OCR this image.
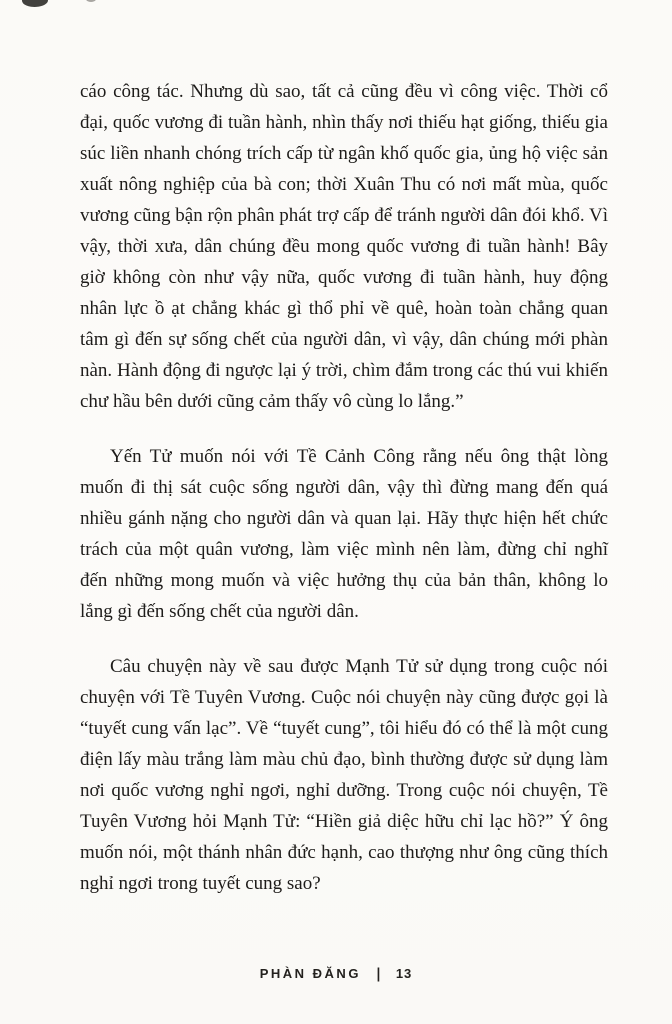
cáo công tác. Nhưng dù sao, tất cả cũng đều vì công việc. Thời cổ đại, quốc vương đi tuần hành, nhìn thấy nơi thiếu hạt giống, thiếu gia súc liền nhanh chóng trích cấp từ ngân khố quốc gia, ủng hộ việc sản xuất nông nghiệp của bà con; thời Xuân Thu có nơi mất mùa, quốc vương cũng bận rộn phân phát trợ cấp để tránh người dân đói khổ. Vì vậy, thời xưa, dân chúng đều mong quốc vương đi tuần hành! Bây giờ không còn như vậy nữa, quốc vương đi tuần hành, huy động nhân lực ồ ạt chẳng khác gì thổ phỉ về quê, hoàn toàn chẳng quan tâm gì đến sự sống chết của người dân, vì vậy, dân chúng mới phàn nàn. Hành động đi ngược lại ý trời, chìm đắm trong các thú vui khiến chư hầu bên dưới cũng cảm thấy vô cùng lo lắng.”

Yến Tử muốn nói với Tề Cảnh Công rằng nếu ông thật lòng muốn đi thị sát cuộc sống người dân, vậy thì đừng mang đến quá nhiều gánh nặng cho người dân và quan lại. Hãy thực hiện hết chức trách của một quân vương, làm việc mình nên làm, đừng chỉ nghĩ đến những mong muốn và việc hưởng thụ của bản thân, không lo lắng gì đến sống chết của người dân.

Câu chuyện này về sau được Mạnh Tử sử dụng trong cuộc nói chuyện với Tề Tuyên Vương. Cuộc nói chuyện này cũng được gọi là “tuyết cung vấn lạc”. Về “tuyết cung”, tôi hiểu đó có thể là một cung điện lấy màu trắng làm màu chủ đạo, bình thường được sử dụng làm nơi quốc vương nghỉ ngơi, nghỉ dưỡng. Trong cuộc nói chuyện, Tề Tuyên Vương hỏi Mạnh Tử: “Hiền giả diệc hữu chỉ lạc hồ?” Ý ông muốn nói, một thánh nhân đức hạnh, cao thượng như ông cũng thích nghỉ ngơi trong tuyết cung sao?

PHÀN ĐĂNG | 13
